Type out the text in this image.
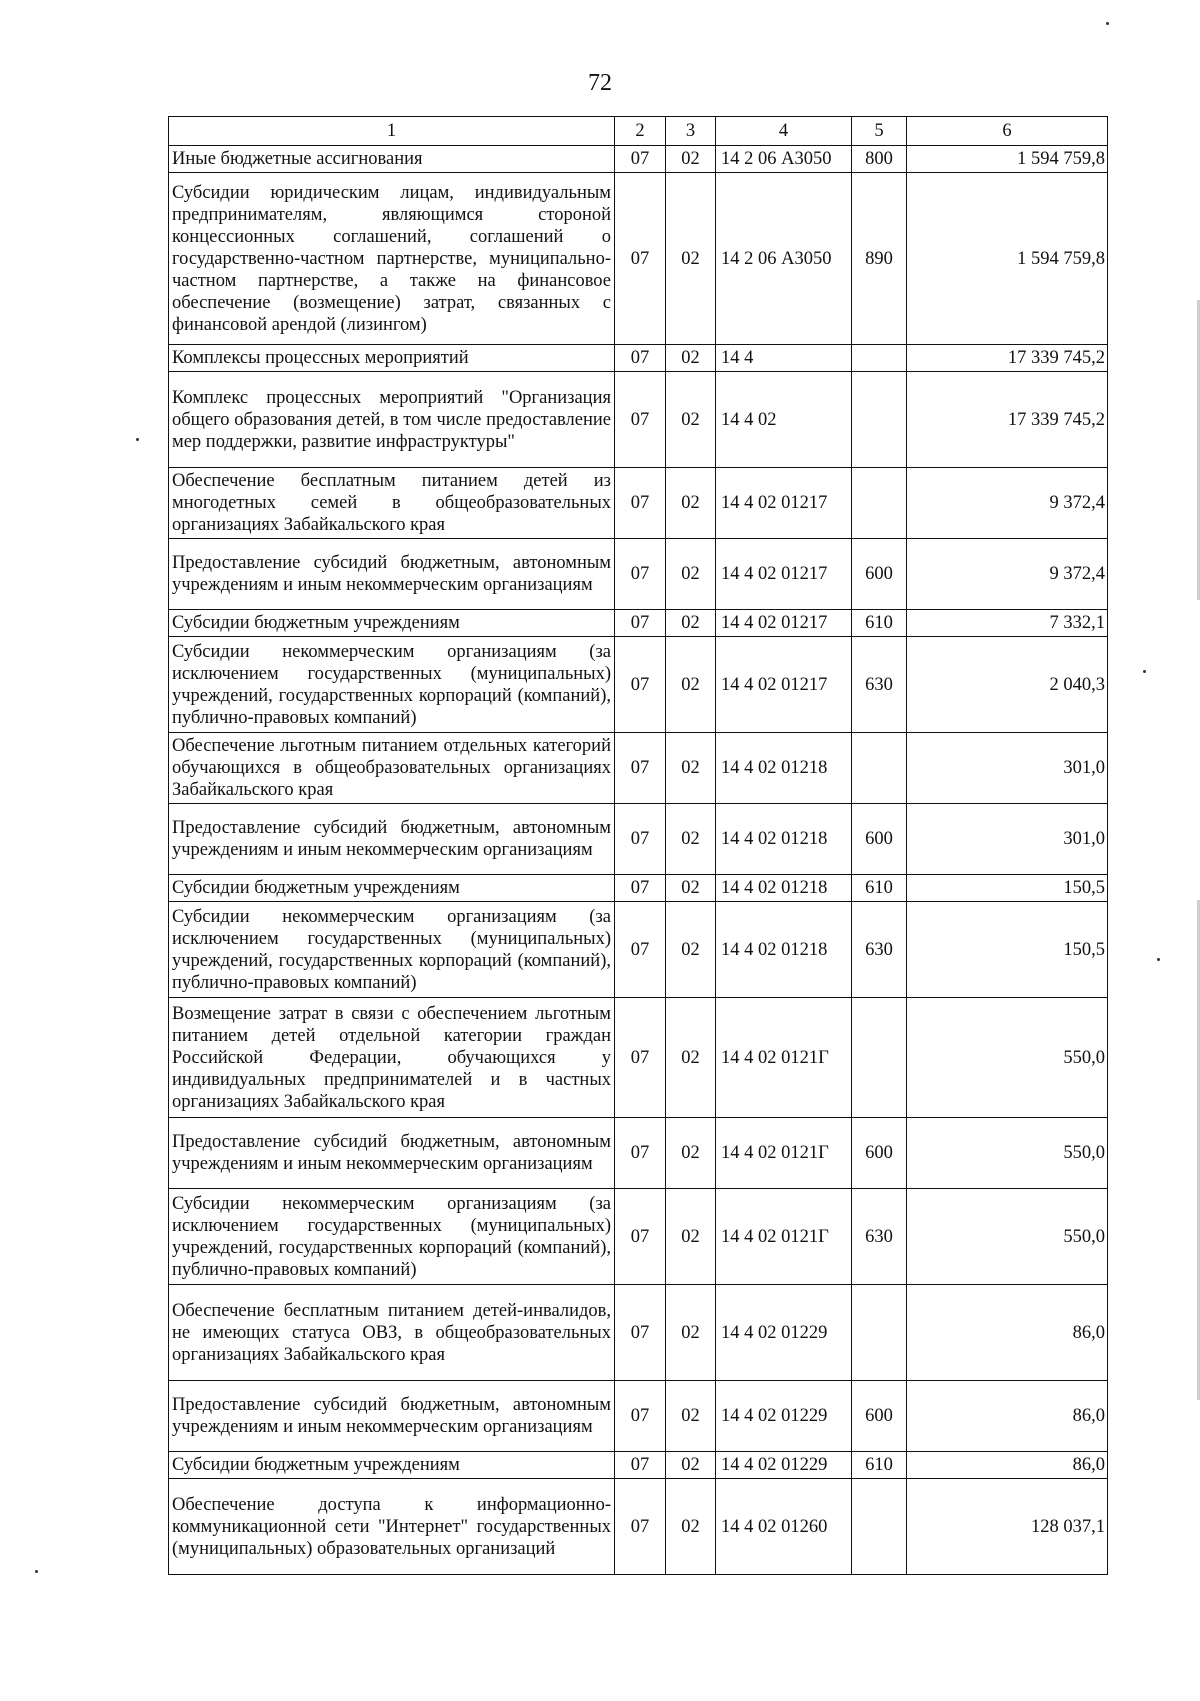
72
1	2	3	4	5	6
Иные бюджетные ассигнования	07	02	14 2 06 А3050	800	1 594 759,8
Субсидии юридическим лицам, индивидуальным предпринимателям, являющимся стороной концессионных соглашений, соглашений о государственно-частном партнерстве, муниципально-частном партнерстве, а также на финансовое обеспечение (возмещение) затрат, связанных с финансовой арендой (лизингом)	07	02	14 2 06 А3050	890	1 594 759,8
Комплексы процессных мероприятий	07	02	14 4		17 339 745,2
Комплекс процессных мероприятий "Организация общего образования детей, в том числе предоставление мер поддержки, развитие инфраструктуры"	07	02	14 4 02		17 339 745,2
Обеспечение бесплатным питанием детей из многодетных семей в общеобразовательных организациях Забайкальского края	07	02	14 4 02 01217		9 372,4
Предоставление субсидий бюджетным, автономным учреждениям и иным некоммерческим организациям	07	02	14 4 02 01217	600	9 372,4
Субсидии бюджетным учреждениям	07	02	14 4 02 01217	610	7 332,1
Субсидии некоммерческим организациям (за исключением государственных (муниципальных) учреждений, государственных корпораций (компаний), публично-правовых компаний)	07	02	14 4 02 01217	630	2 040,3
Обеспечение льготным питанием отдельных категорий обучающихся в общеобразовательных организациях Забайкальского края	07	02	14 4 02 01218		301,0
Предоставление субсидий бюджетным, автономным учреждениям и иным некоммерческим организациям	07	02	14 4 02 01218	600	301,0
Субсидии бюджетным учреждениям	07	02	14 4 02 01218	610	150,5
Субсидии некоммерческим организациям (за исключением государственных (муниципальных) учреждений, государственных корпораций (компаний), публично-правовых компаний)	07	02	14 4 02 01218	630	150,5
Возмещение затрат в связи с обеспечением льготным питанием детей отдельной категории граждан Российской Федерации, обучающихся у индивидуальных предпринимателей и в частных организациях Забайкальского края	07	02	14 4 02 0121Г		550,0
Предоставление субсидий бюджетным, автономным учреждениям и иным некоммерческим организациям	07	02	14 4 02 0121Г	600	550,0
Субсидии некоммерческим организациям (за исключением государственных (муниципальных) учреждений, государственных корпораций (компаний), публично-правовых компаний)	07	02	14 4 02 0121Г	630	550,0
Обеспечение бесплатным питанием детей-инвалидов, не имеющих статуса ОВЗ, в общеобразовательных организациях Забайкальского края	07	02	14 4 02 01229		86,0
Предоставление субсидий бюджетным, автономным учреждениям и иным некоммерческим организациям	07	02	14 4 02 01229	600	86,0
Субсидии бюджетным учреждениям	07	02	14 4 02 01229	610	86,0
Обеспечение доступа к информационно-коммуникационной сети "Интернет" государственных (муниципальных) образовательных организаций	07	02	14 4 02 01260		128 037,1
